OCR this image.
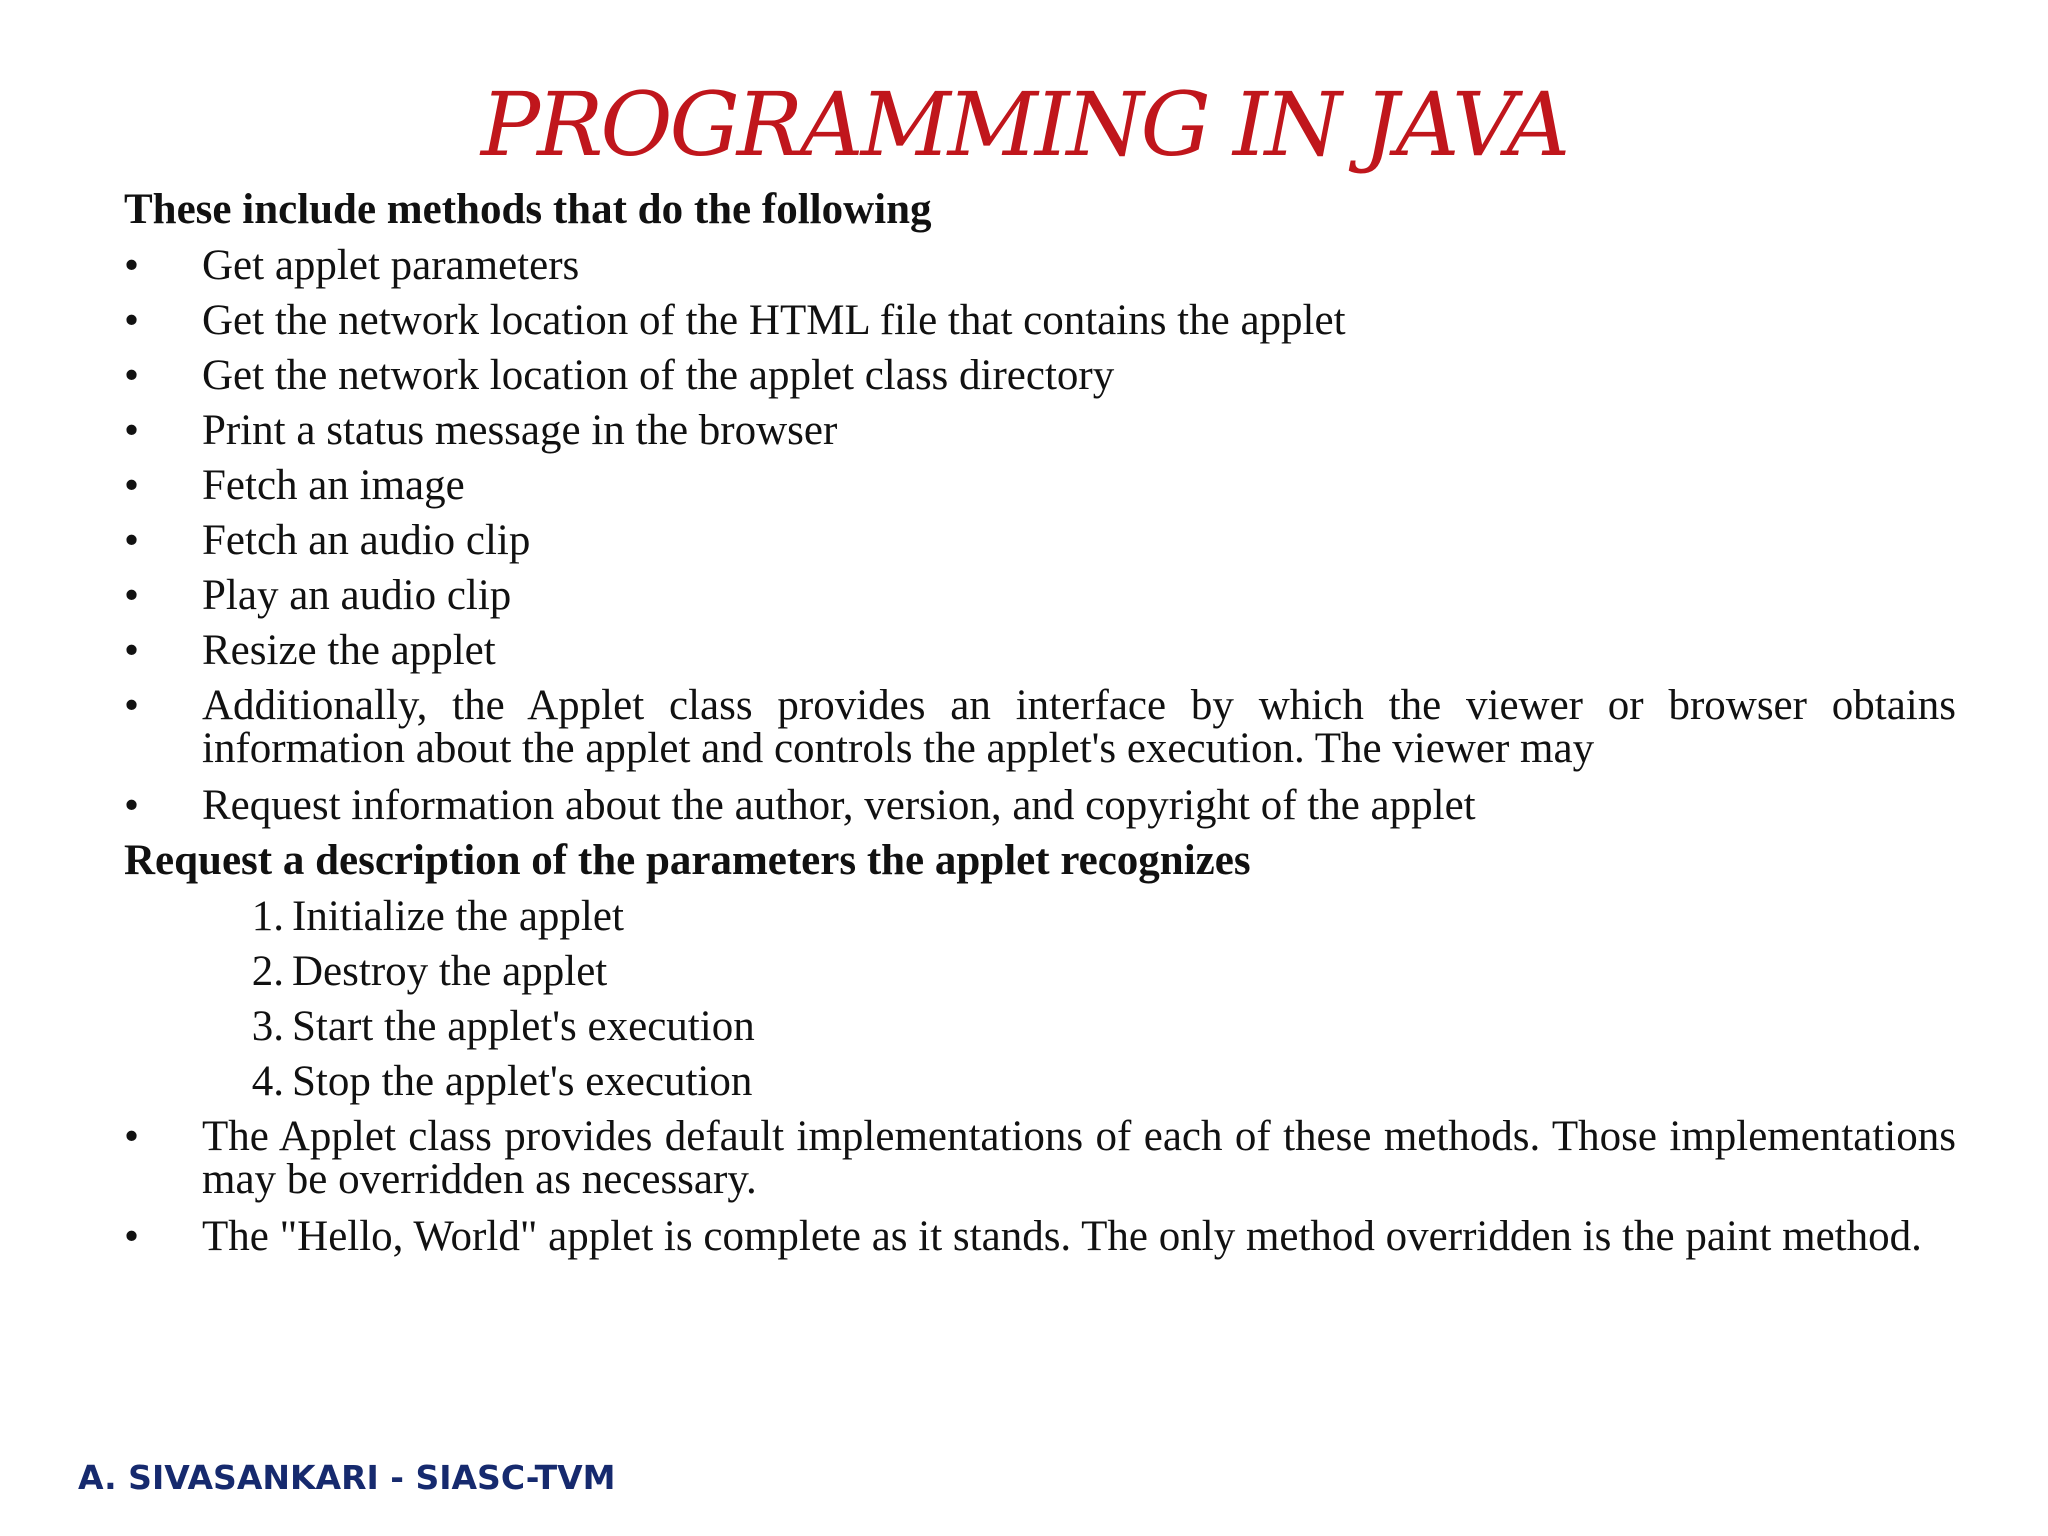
PROGRAMMING IN JAVA
These include methods that do the following
•	Get applet parameters
•	Get the network location of the HTML file that contains the applet
•	Get the network location of the applet class directory
•	Print a status message in the browser
•	Fetch an image
•	Fetch an audio clip
•	Play an audio clip
•	Resize the applet
•	Additionally, the Applet class provides an interface by which the viewer or browser obtains information about the applet and controls the applet's execution. The viewer may
•	Request information about the author, version, and copyright of the applet
Request a description of the parameters the applet recognizes
1. Initialize the applet
2. Destroy the applet
3. Start the applet's execution
4. Stop the applet's execution
•	The Applet class provides default implementations of each of these methods. Those implementations may be overridden as necessary.
•	The "Hello, World" applet is complete as it stands. The only method overridden is the paint method.
A. SIVASANKARI - SIASC-TVM
